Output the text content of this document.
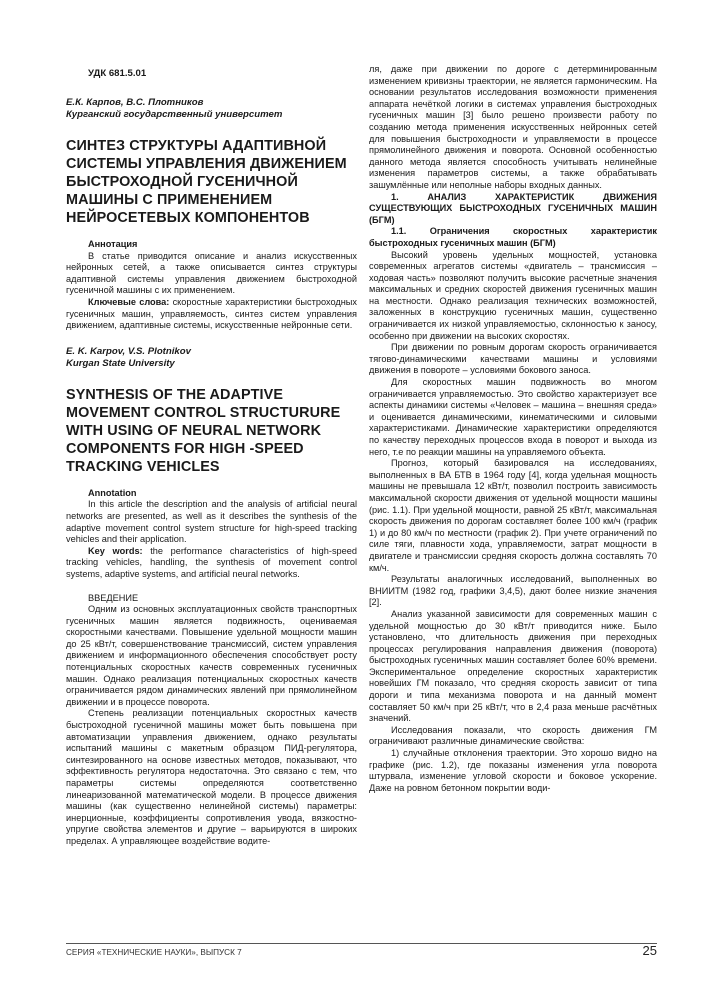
УДК 681.5.01
Е.К. Карпов, В.С. Плотников
Курганский государственный университет
СИНТЕЗ СТРУКТУРЫ АДАПТИВНОЙ СИСТЕМЫ УПРАВЛЕНИЯ ДВИЖЕНИЕМ БЫСТРОХОДНОЙ ГУСЕНИЧНОЙ МАШИНЫ С ПРИМЕНЕНИЕМ НЕЙРОСЕТЕВЫХ КОМПОНЕНТОВ
Аннотация

В статье приводится описание и анализ искусственных нейронных сетей, а также описывается синтез структуры адаптивной системы управления движением быстроходной гусеничной машины с их применением.

Ключевые слова: скоростные характеристики быстроходных гусеничных машин, управляемость, синтез систем управления движением, адаптивные системы, искусственные нейронные сети.

E. K. Karpov, V.S. Plotnikov
Kurgan State University
SYNTHESIS OF THE ADAPTIVE MOVEMENT CONTROL STRUCTURURE WITH USING OF NEURAL NETWORK COMPONENTS FOR HIGH -SPEED TRACKING VEHICLES
Annotation

In this article the description and the analysis of artificial neural networks are presented, as well as it describes the synthesis of the adaptive movement control system structure for high-speed tracking vehicles and their application.

Key words: the performance characteristics of high-speed tracking vehicles, handling, the synthesis of movement control systems, adaptive systems, and artificial neural networks.

ВВЕДЕНИЕ

Одним из основных эксплуатационных свойств транспортных гусеничных машин является подвижность, оцениваемая скоростными качествами. Повышение удельной мощности машин до 25 кВт/т, совершенствование трансмиссий, систем управления движением и информационного обеспечения способствует росту потенциальных скоростных качеств современных гусеничных машин. Однако реализация потенциальных скоростных качеств ограничивается рядом динамических явлений при прямолинейном движении и в процессе поворота.

Степень реализации потенциальных скоростных качеств быстроходной гусеничной машины может быть повышена при автоматизации управления движением, однако результаты испытаний машины с макетным образцом ПИД-регулятора, синтезированного на основе известных методов, показывают, что эффективность регулятора недостаточна. Это связано с тем, что параметры системы определяются соответственно линеаризованной математической модели. В процессе движения машины (как существенно нелинейной системы) параметры: инерционные, коэффициенты сопротивления увода, вязкостно-упругие свойства элементов и другие – варьируются в широких пределах. А управляющее воздействие водите-

ля, даже при движении по дороге с детерминированным изменением кривизны траектории, не является гармоническим. На основании результатов исследования возможности применения аппарата нечёткой логики в системах управления быстроходных гусеничных машин [3] было решено произвести работу по созданию метода применения искусственных нейронных сетей для повышения быстроходности и управляемости в процессе прямолинейного движения и поворота. Основной особенностью данного метода является способность учитывать нелинейные изменения параметров системы, а также обрабатывать зашумлённые или неполные наборы входных данных.

1. АНАЛИЗ ХАРАКТЕРИСТИК ДВИЖЕНИЯ СУЩЕСТВУЮЩИХ БЫСТРОХОДНЫХ ГУСЕНИЧНЫХ МАШИН (БГМ)
1.1. Ограничения скоростных характеристик быстроходных гусеничных машин (БГМ)

Высокий уровень удельных мощностей, установка современных агрегатов системы «двигатель – трансмиссия – ходовая часть» позволяют получить высокие расчетные значения максимальных и средних скоростей движения гусеничных машин на местности. Однако реализация технических возможностей, заложенных в конструкцию гусеничных машин, существенно ограничивается их низкой управляемостью, склонностью к заносу, особенно при движении на высоких скоростях.

При движении по ровным дорогам скорость ограничивается тягово-динамическими качествами машины и условиями движения в повороте – условиями бокового заноса.

Для скоростных машин подвижность во многом ограничивается управляемостью. Это свойство характеризует все аспекты динамики системы «Человек – машина – внешняя среда» и оценивается динамическими, кинематическими и силовыми характеристиками. Динамические характеристики определяются по качеству переходных процессов входа в поворот и выхода из него, т.е по реакции машины на управляемого объекта.

Прогноз, который базировался на исследованиях, выполненных в ВА БТВ в 1964 году [4], когда удельная мощность машины не превышала 12 кВт/т, позволил построить зависимость максимальной скорости движения от удельной мощности машины (рис. 1.1). При удельной мощности, равной 25 кВт/т, максимальная скорость движения по дорогам составляет более 100 км/ч (график 1) и до 80 км/ч по местности (график 2). При учете ограничений по силе тяги, плавности хода, управляемости, затрат мощности в двигателе и трансмиссии средняя скорость должна составлять 70 км/ч.

Результаты аналогичных исследований, выполненных во ВНИИТМ (1982 год, графики 3,4,5), дают более низкие значения [2].

Анализ указанной зависимости для современных машин с удельной мощностью до 30 кВт/т приводится ниже. Было установлено, что длительность движения при переходных процессах регулирования направления движения (поворота) быстроходных гусеничных машин составляет более 60% времени. Экспериментальное определение скоростных характеристик новейших ГМ показало, что средняя скорость зависит от типа дороги и типа механизма поворота и на данный момент составляет 50 км/ч при 25 кВт/т, что в 2,4 раза меньше расчётных значений.

Исследования показали, что скорость движения ГМ ограничивают различные динамические свойства:

1) случайные отклонения траектории. Это хорошо видно на графике (рис. 1.2), где показаны изменения угла поворота штурвала, изменение угловой скорости и боковое ускорение. Даже на ровном бетонном покрытии води-

СЕРИЯ «ТЕХНИЧЕСКИЕ НАУКИ», ВЫПУСК 7	25
